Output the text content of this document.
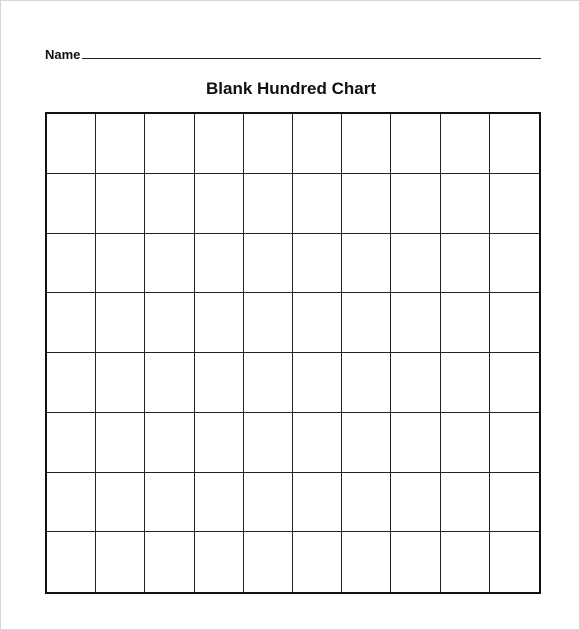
Name
Blank Hundred Chart
